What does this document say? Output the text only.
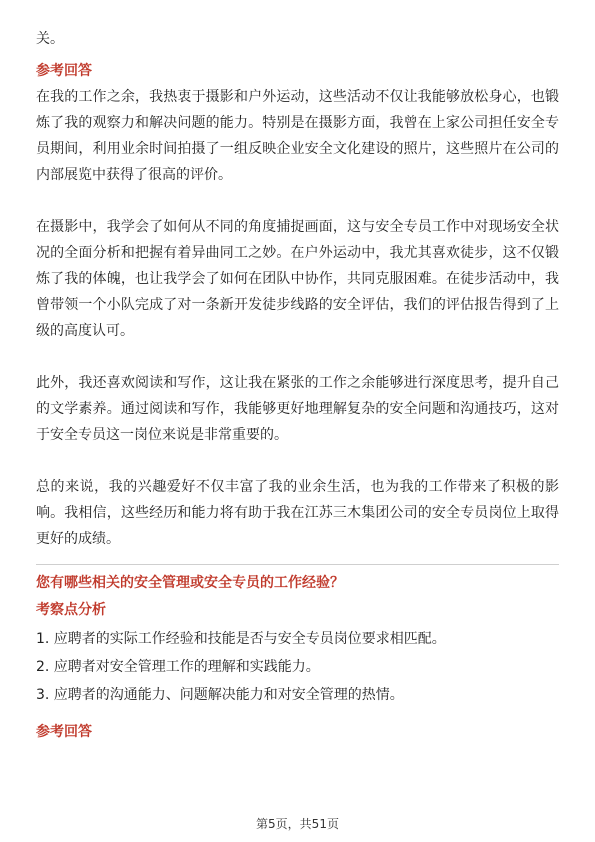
关。

参考回答

在我的工作之余，我热衷于摄影和户外运动，这些活动不仅让我能够放松身心，也锻炼了我的观察力和解决问题的能力。特别是在摄影方面，我曾在上家公司担任安全专员期间，利用业余时间拍摄了一组反映企业安全文化建设的照片，这些照片在公司的内部展览中获得了很高的评价。

在摄影中，我学会了如何从不同的角度捕捉画面，这与安全专员工作中对现场安全状况的全面分析和把握有着异曲同工之妙。在户外运动中，我尤其喜欢徒步，这不仅锻炼了我的体魄，也让我学会了如何在团队中协作，共同克服困难。在徒步活动中，我曾带领一个小队完成了对一条新开发徒步线路的安全评估，我们的评估报告得到了上级的高度认可。

此外，我还喜欢阅读和写作，这让我在紧张的工作之余能够进行深度思考，提升自己的文学素养。通过阅读和写作，我能够更好地理解复杂的安全问题和沟通技巧，这对于安全专员这一岗位来说是非常重要的。

总的来说，我的兴趣爱好不仅丰富了我的业余生活，也为我的工作带来了积极的影响。我相信，这些经历和能力将有助于我在江苏三木集团公司的安全专员岗位上取得更好的成绩。

您有哪些相关的安全管理或安全专员的工作经验？

考察点分析

1. 应聘者的实际工作经验和技能是否与安全专员岗位要求相匹配。

2. 应聘者对安全管理工作的理解和实践能力。

3. 应聘者的沟通能力、问题解决能力和对安全管理的热情。

参考回答

第5页，共51页
